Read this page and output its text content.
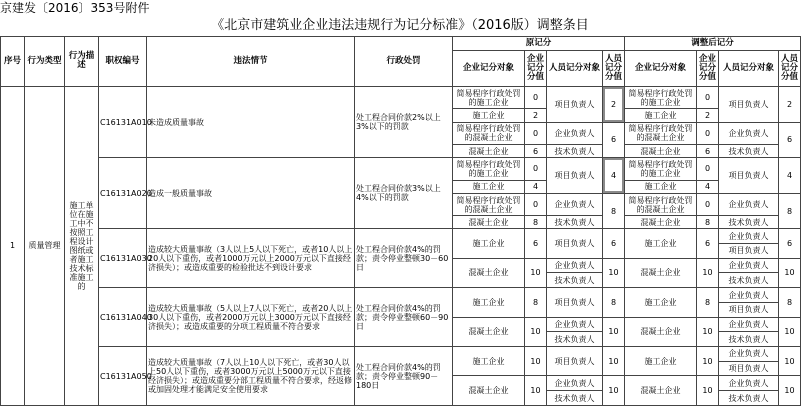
京建发〔2016〕353号附件
《北京市建筑业企业违法违规行为记分标准》（2016版）调整条目
序号	行为类型	行为描述	职权编号	违法情节	行政处罚	原记分				调整后记分			
						企业记分对象	企业记分分值	人员记分对象	人员记分分值	企业记分对象	企业记分分值	人员记分对象	人员记分分值
1	质量管理	施工单位在施工中不按照工程设计图纸或者施工技术标准施工的	C16131A010	未造成质量事故	处工程合同价款2%以上3%以下的罚款	简易程序行政处罚的施工企业	0	项目负责人	2	简易程序行政处罚的施工企业	0	项目负责人	2
						施工企业	2			施工企业	2		
						简易程序行政处罚的混凝土企业	0	企业负责人	6	简易程序行政处罚的混凝土企业	0	企业负责人	6
						混凝土企业	6	技术负责人		混凝土企业	6	技术负责人	
			C16131A020	造成一般质量事故	处工程合同价款3%以上4%以下的罚款	简易程序行政处罚的施工企业	0	项目负责人	4	简易程序行政处罚的施工企业	0	项目负责人	4
						施工企业	4			施工企业	4		
						简易程序行政处罚的混凝土企业	0	企业负责人	8	简易程序行政处罚的混凝土企业	0	企业负责人	8
						混凝土企业	8	技术负责人		混凝土企业	8	技术负责人	
			C16131A030	造成较大质量事故（3人以上5人以下死亡，或者10人以上20人以下重伤，或者1000万元以上2000万元以下直接经济损失）；或造成重要的检验批达不到设计要求	处工程合同价款4%的罚款；责令停业整顿30－60日	施工企业	6	项目负责人	6	施工企业	6	企业负责人	6
												项目负责人	
						混凝土企业	10	企业负责人	10	混凝土企业	10	企业负责人	10
								技术负责人				技术负责人	
			C16131A040	造成较大质量事故（5人以上7人以下死亡，或者20人以上30人以下重伤，或者2000万元以上3000万元以下直接经济损失）；或造成重要的分项工程质量不符合要求	处工程合同价款4%的罚款；责令停业整顿60－90日	施工企业	8	项目负责人	8	施工企业	8	企业负责人	8
												项目负责人	
						混凝土企业	10	企业负责人	10	混凝土企业	10	企业负责人	10
								技术负责人				技术负责人	
			C16131A050	造成较大质量事故（7人以上10人以下死亡，或者30人以上50人以下重伤，或者3000万元以上5000万元以下直接经济损失）；或造成重要分部工程质量不符合要求，经返修或加固处理才能满足安全使用要求	处工程合同价款4%的罚款；责令停业整顿90－180日	施工企业	10	项目负责人	10	施工企业	10	企业负责人	10
												项目负责人	
						混凝土企业	10	企业负责人	10	混凝土企业	10	企业负责人	10
								技术负责人				技术负责人	
